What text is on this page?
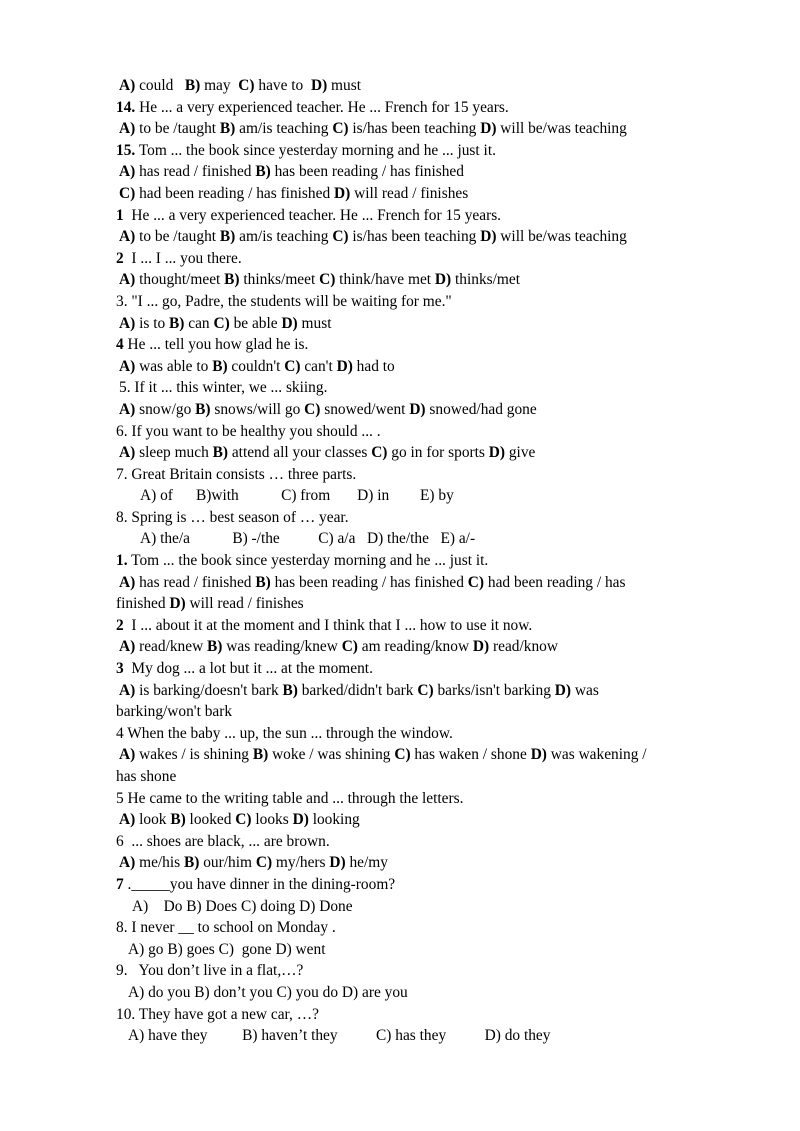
A) could   B) may  C) have to  D) must
14. He ... a very experienced teacher. He ... French for 15 years.
A) to be /taught B) am/is teaching C) is/has been teaching D) will be/was teaching
15. Tom ... the book since yesterday morning and he ... just it.
A) has read / finished B) has been reading / has finished
C) had been reading / has finished D) will read / finishes
1  He ... a very experienced teacher. He ... French for 15 years.
A) to be /taught B) am/is teaching C) is/has been teaching D) will be/was teaching
2  I ... I ... you there.
A) thought/meet B) thinks/meet C) think/have met D) thinks/met
3. "I ... go, Padre, the students will be waiting for me."
A) is to B) can C) be able D) must
4 He ... tell you how glad he is.
A) was able to B) couldn't C) can't D) had to
5. If it ... this winter, we ... skiing.
A) snow/go B) snows/will go C) snowed/went D) snowed/had gone
6. If you want to be healthy you should ... .
A) sleep much B) attend all your classes C) go in for sports D) give
7. Great Britain consists … three parts.
A) of      B)with           C) from       D) in        E) by
8. Spring is … best season of … year.
A) the/a           B) -/the          C) a/a   D) the/the   E) a/-
1. Tom ... the book since yesterday morning and he ... just it.
A) has read / finished B) has been reading / has finished C) had been reading / has
finished D) will read / finishes
2  I ... about it at the moment and I think that I ... how to use it now.
A) read/knew B) was reading/knew C) am reading/know D) read/know
3  My dog ... a lot but it ... at the moment.
A) is barking/doesn't bark B) barked/didn't bark C) barks/isn't barking D) was
barking/won't bark
4 When the baby ... up, the sun ... through the window.
A) wakes / is shining B) woke / was shining C) has waken / shone D) was wakening /
has shone
5 He came to the writing table and ... through the letters.
A) look B) looked C) looks D) looking
6  ... shoes are black, ... are brown.
A) me/his B) our/him C) my/hers D) he/my
7 ._____you have dinner in the dining-room?
A)    Do B) Does C) doing D) Done
8. I never __ to school on Monday .
A) go B) goes C)  gone D) went
9.   You don’t live in a flat,…?
A) do you B) don’t you C) you do D) are you
10. They have got a new car, …?
A) have they         B) haven’t they          C) has they          D) do they
